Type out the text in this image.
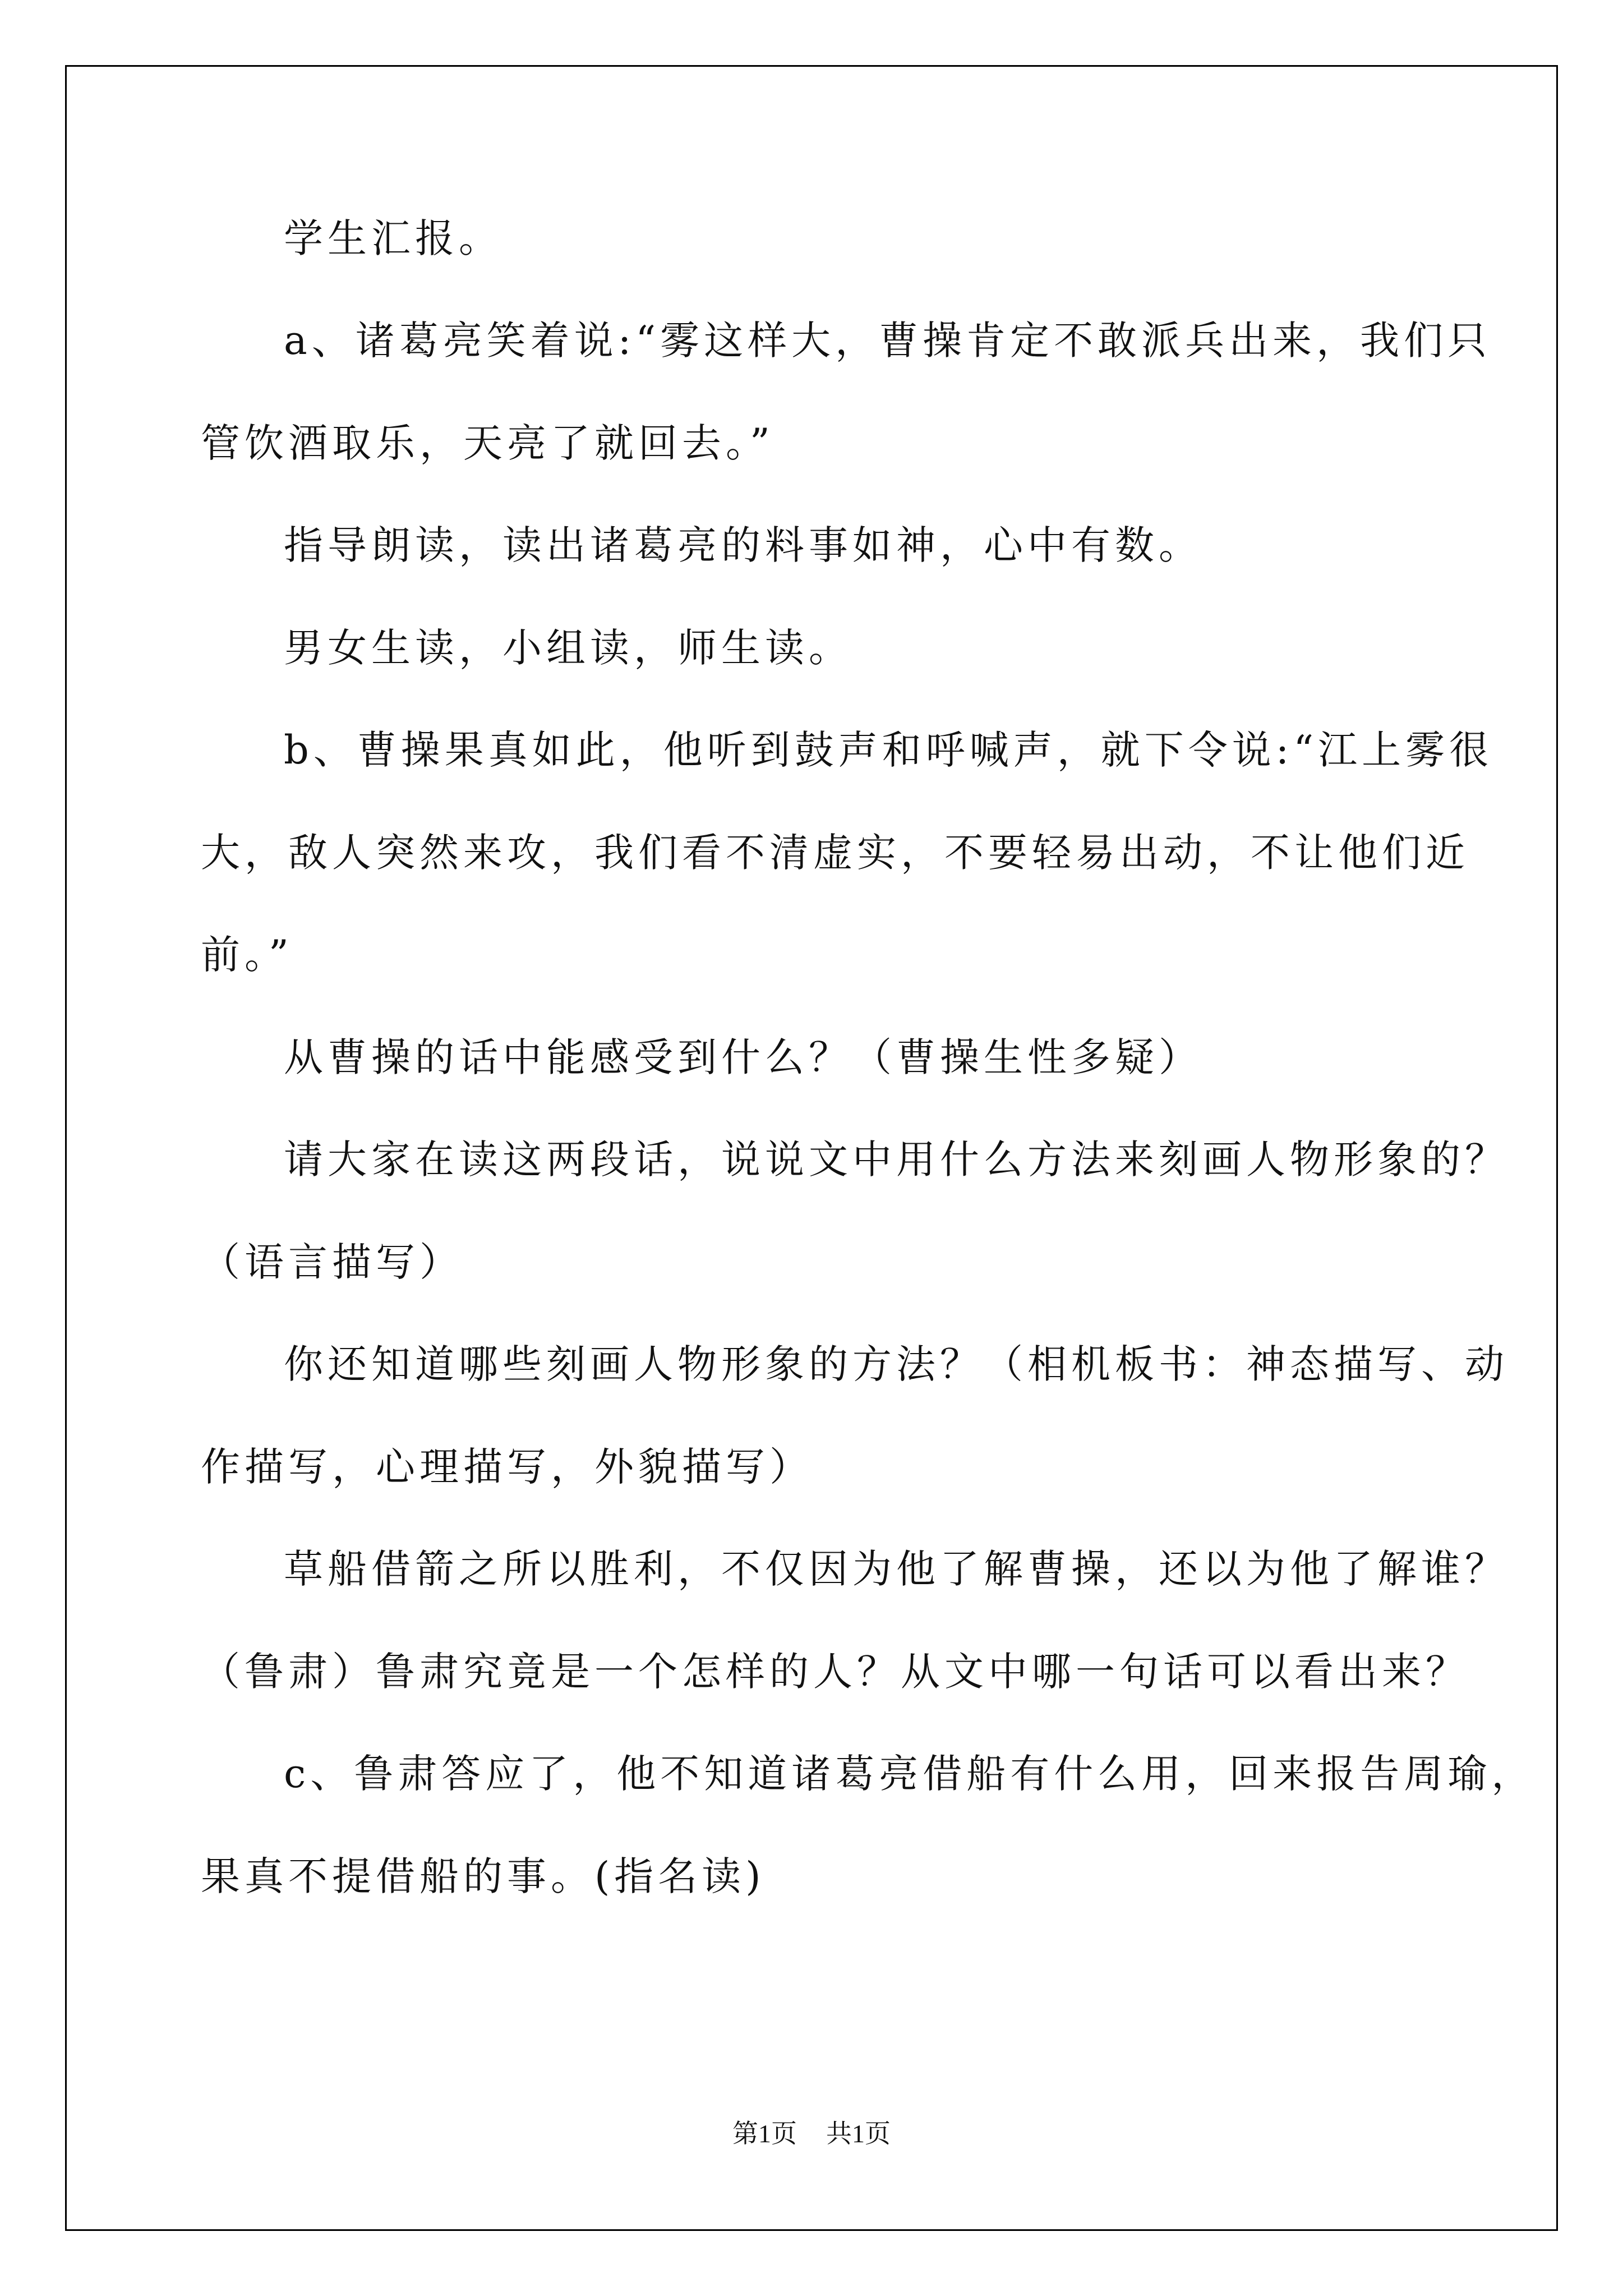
学生汇报。
a、诸葛亮笑着说:“雾这样大，曹操肯定不敢派兵出来，我们只
管饮酒取乐，天亮了就回去。”
指导朗读，读出诸葛亮的料事如神，心中有数。
男女生读，小组读，师生读。
b、曹操果真如此，他听到鼓声和呼喊声，就下令说:“江上雾很
大，敌人突然来攻，我们看不清虚实，不要轻易出动，不让他们近
前。”
从曹操的话中能感受到什么？（曹操生性多疑）
请大家在读这两段话，说说文中用什么方法来刻画人物形象的？
（语言描写）
你还知道哪些刻画人物形象的方法？（相机板书：神态描写、动
作描写，心理描写，外貌描写）
草船借箭之所以胜利，不仅因为他了解曹操，还以为他了解谁？
（鲁肃）鲁肃究竟是一个怎样的人？从文中哪一句话可以看出来？
c、鲁肃答应了，他不知道诸葛亮借船有什么用，回来报告周瑜，
果真不提借船的事。(指名读)
第1页 共1页
